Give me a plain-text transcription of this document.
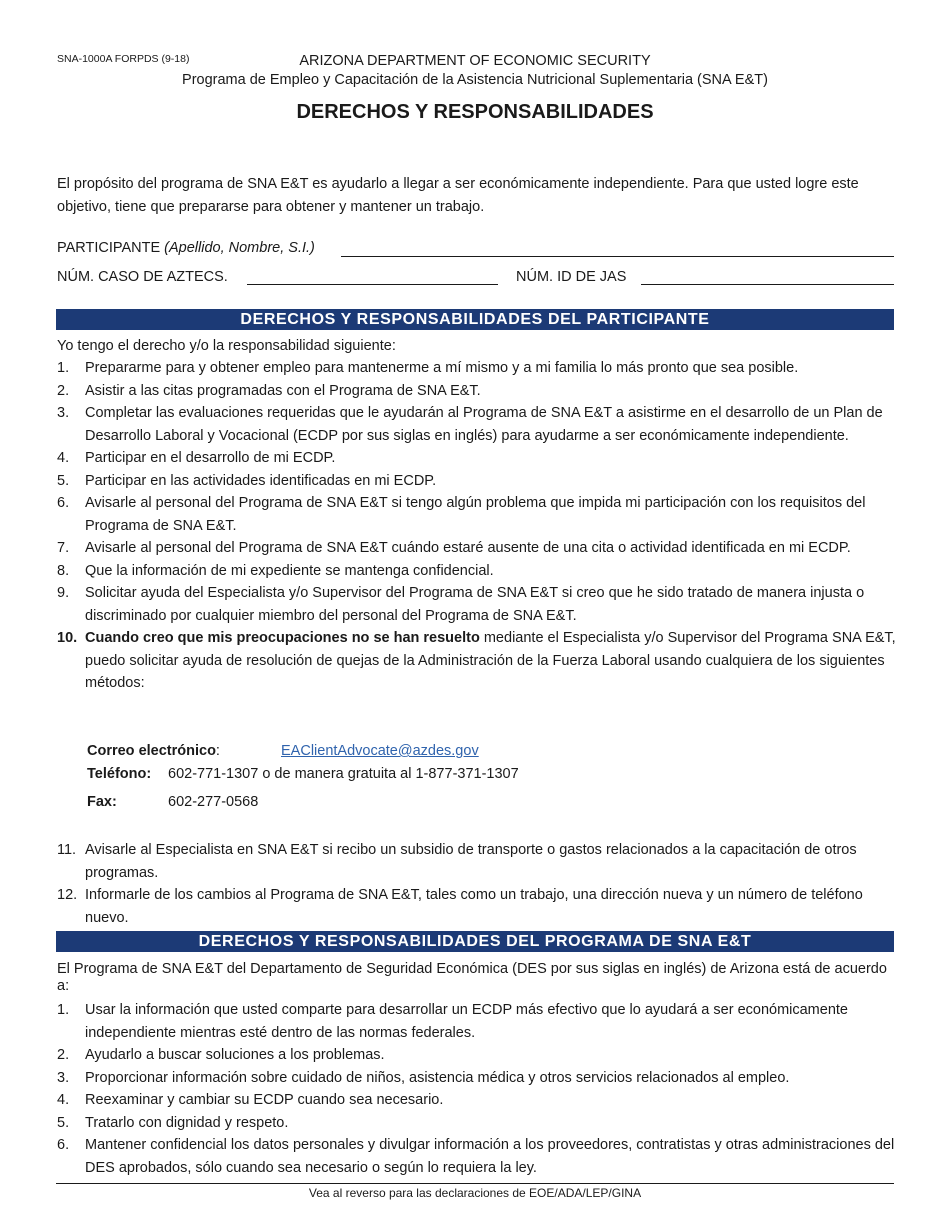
SNA-1000A FORPDS (9-18)	ARIZONA DEPARTMENT OF ECONOMIC SECURITY
Programa de Empleo y Capacitación de la Asistencia Nutricional Suplementaria (SNA E&T)
DERECHOS Y RESPONSABILIDADES
El propósito del programa de SNA E&T es ayudarlo a llegar a ser económicamente independiente. Para que usted logre este objetivo, tiene que prepararse para obtener y mantener un trabajo.
PARTICIPANTE (Apellido, Nombre, S.I.)
NÚM. CASO DE AZTECS.	NÚM. ID DE JAS
DERECHOS Y RESPONSABILIDADES DEL PARTICIPANTE
Yo tengo el derecho y/o la responsabilidad siguiente:
1. Prepararme para y obtener empleo para mantenerme a mí mismo y a mi familia lo más pronto que sea posible.
2. Asistir a las citas programadas con el Programa de SNA E&T.
3. Completar las evaluaciones requeridas que le ayudarán al Programa de SNA E&T a asistirme en el desarrollo de un Plan de Desarrollo Laboral y Vocacional (ECDP por sus siglas en inglés) para ayudarme a ser económicamente independiente.
4. Participar en el desarrollo de mi ECDP.
5. Participar en las actividades identificadas en mi ECDP.
6. Avisarle al personal del Programa de SNA E&T si tengo algún problema que impida mi participación con los requisitos del Programa de SNA E&T.
7. Avisarle al personal del Programa de SNA E&T cuándo estaré ausente de una cita o actividad identificada en mi ECDP.
8. Que la información de mi expediente se mantenga confidencial.
9. Solicitar ayuda del Especialista y/o Supervisor del Programa de SNA E&T si creo que he sido tratado de manera injusta o discriminado por cualquier miembro del personal del Programa de SNA E&T.
10. Cuando creo que mis preocupaciones no se han resuelto mediante el Especialista y/o Supervisor del Programa SNA E&T, puedo solicitar ayuda de resolución de quejas de la Administración de la Fuerza Laboral usando cualquiera de los siguientes métodos:
Correo electrónico:	EAClientAdvocate@azdes.gov
Teléfono: 602-771-1307 o de manera gratuita al 1-877-371-1307
Fax:	602-277-0568
11. Avisarle al Especialista en SNA E&T si recibo un subsidio de transporte o gastos relacionados a la capacitación de otros programas.
12. Informarle de los cambios al Programa de SNA E&T, tales como un trabajo, una dirección nueva y un número de teléfono nuevo.
DERECHOS Y RESPONSABILIDADES DEL PROGRAMA DE SNA E&T
El Programa de SNA E&T del Departamento de Seguridad Económica (DES por sus siglas en inglés) de Arizona está de acuerdo a:
1. Usar la información que usted comparte para desarrollar un ECDP más efectivo que lo ayudará a ser económicamente independiente mientras esté dentro de las normas federales.
2. Ayudarlo a buscar soluciones a los problemas.
3. Proporcionar información sobre cuidado de niños, asistencia médica y otros servicios relacionados al empleo.
4. Reexaminar y cambiar su ECDP cuando sea necesario.
5. Tratarlo con dignidad y respeto.
6. Mantener confidencial los datos personales y divulgar información a los proveedores, contratistas y otras administraciones del DES aprobados, sólo cuando sea necesario o según lo requiera la ley.
Vea al reverso para las declaraciones de EOE/ADA/LEP/GINA
